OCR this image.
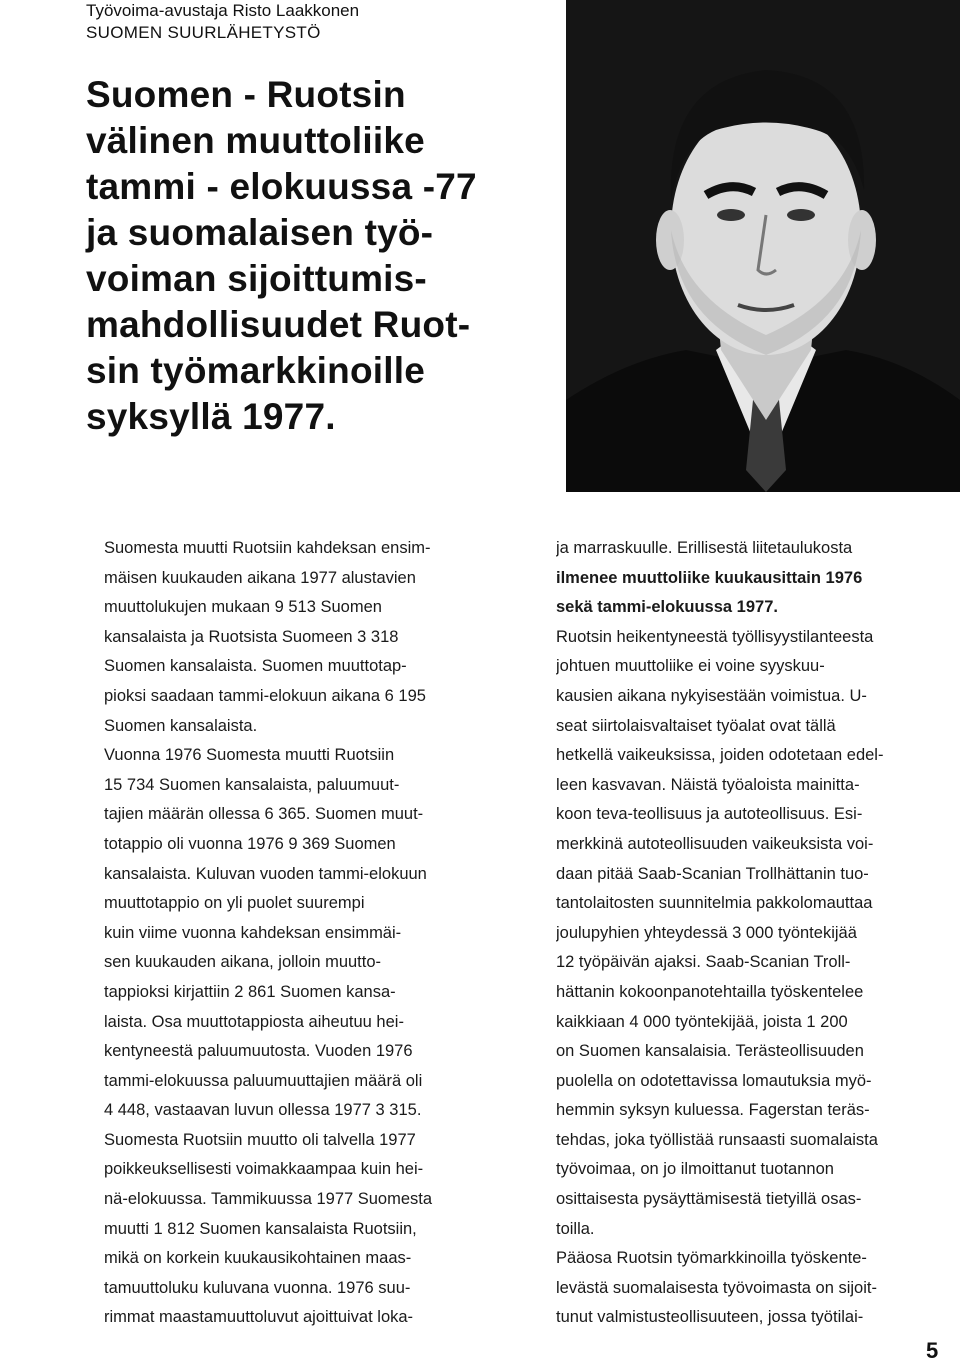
Työvoima-avustaja Risto Laakkonen
SUOMEN SUURLÄHETYSTÖ
Suomen - Ruotsin
välinen muuttoliike
tammi - elokuussa -77
ja suomalaisen työ-
voiman sijoittumis-
mahdollisuudet Ruot-
sin työmarkkinoille
syksyllä 1977.
Suomesta muutti Ruotsiin kahdeksan ensim-
mäisen kuukauden aikana 1977 alustavien
muuttolukujen mukaan 9 513 Suomen
kansalaista ja Ruotsista Suomeen 3 318
Suomen kansalaista. Suomen muuttotap-
pioksi saadaan tammi-elokuun aikana 6 195
Suomen kansalaista.
Vuonna 1976 Suomesta muutti Ruotsiin
15 734 Suomen kansalaista, paluumuut-
tajien määrän ollessa 6 365. Suomen muut-
totappio oli vuonna 1976 9 369 Suomen
kansalaista. Kuluvan vuoden tammi-elokuun
muuttotappio on yli puolet suurempi
kuin viime vuonna kahdeksan ensimmäi-
sen kuukauden aikana, jolloin muutto-
tappioksi kirjattiin 2 861 Suomen kansa-
laista. Osa muuttotappiosta aiheutuu hei-
kentyneestä paluumuutosta. Vuoden 1976
tammi-elokuussa paluumuuttajien määrä oli
4 448, vastaavan luvun ollessa 1977 3 315.
Suomesta Ruotsiin muutto oli talvella 1977
poikkeuksellisesti voimakkaampaa kuin hei-
nä-elokuussa. Tammikuussa 1977 Suomesta
muutti 1 812 Suomen kansalaista Ruotsiin,
mikä on korkein kuukausikohtainen maas-
tamuuttoluku kuluvana vuonna. 1976 suu-
rimmat maastamuuttoluvut ajoittuivat loka-
ja marraskuulle. Erillisestä liitetaulukosta
ilmenee muuttoliike kuukausittain 1976
sekä tammi-elokuussa 1977.
Ruotsin heikentyneestä työllisyystilanteesta
johtuen muuttoliike ei voine syyskuu-
kausien aikana nykyisestään voimistua. U-
seat siirtolaisvaltaiset työalat ovat tällä
hetkellä vaikeuksissa, joiden odotetaan edel-
leen kasvavan. Näistä työaloista mainitta-
koon teva-teollisuus ja autoteollisuus. Esi-
merkkinä autoteollisuuden vaikeuksista voi-
daan pitää Saab-Scanian Trollhättanin tuo-
tantolaitosten suunnitelmia pakkolomauttaa
joulupyhien yhteydessä 3 000 työntekijää
12 työpäivän ajaksi. Saab-Scanian Troll-
hättanin kokoonpanotehtailla työskentelee
kaikkiaan 4 000 työntekijää, joista 1 200
on Suomen kansalaisia. Terästeollisuuden
puolella on odotettavissa lomautuksia myö-
hemmin syksyn kuluessa. Fagerstan teräs-
tehdas, joka työllistää runsaasti suomalaista
työvoimaa, on jo ilmoittanut tuotannon
osittaisesta pysäyttämisestä tietyillä osas-
toilla.
Pääosa Ruotsin työmarkkinoilla työskente-
levästä suomalaisesta työvoimasta on sijoit-
tunut valmistusteollisuuteen, jossa työtilai-
5
